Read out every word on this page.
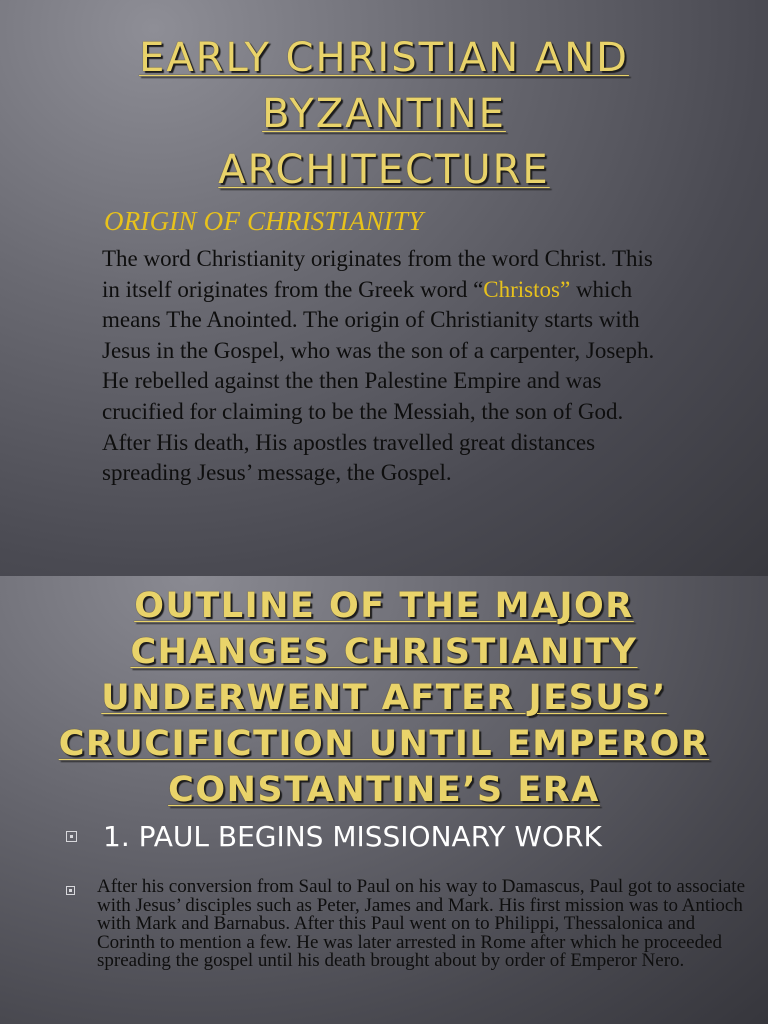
EARLY CHRISTIAN AND
BYZANTINE
ARCHITECTURE
ORIGIN OF CHRISTIANITY
The word Christianity originates from the word Christ. This in itself originates from the Greek word “Christos” which means The Anointed. The origin of Christianity starts with Jesus in the Gospel, who was the son of a carpenter, Joseph. He rebelled against the then Palestine Empire and was crucified for claiming to be the Messiah, the son of God. After His death, His apostles travelled great distances spreading Jesus’ message, the Gospel.
OUTLINE OF THE MAJOR
CHANGES CHRISTIANITY
UNDERWENT AFTER JESUS’
CRUCIFICTION UNTIL EMPEROR
CONSTANTINE’S ERA
1. PAUL BEGINS MISSIONARY WORK
After his conversion from Saul to Paul on his way to Damascus, Paul got to associate with Jesus’ disciples such as Peter, James and Mark. His first mission was to Antioch with Mark and Barnabus. After this Paul went on to Philippi, Thessalonica and Corinth to mention a few. He was later arrested in Rome after which he proceeded spreading the gospel until his death brought about by order of Emperor Nero.
